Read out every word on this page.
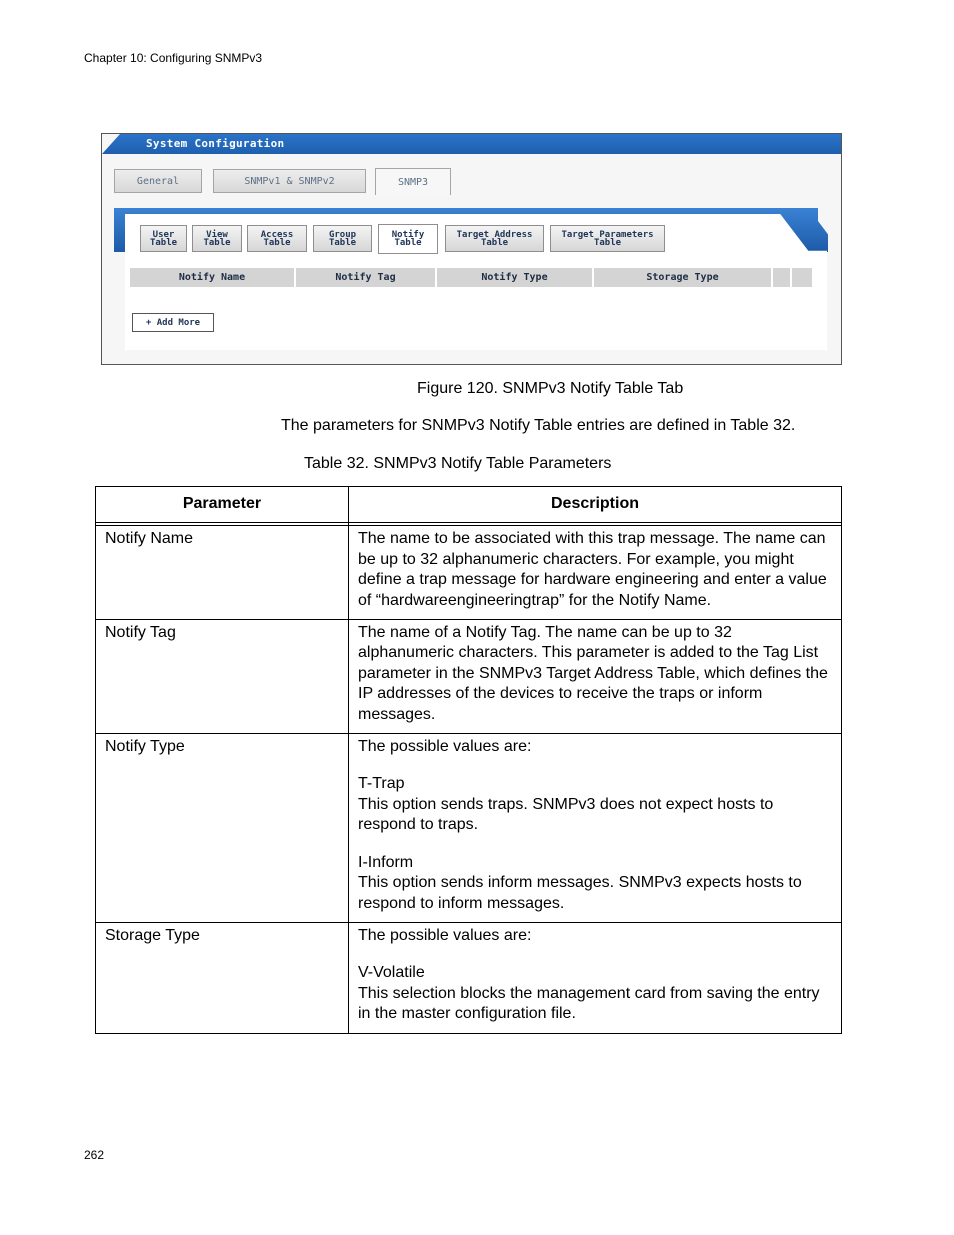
Chapter 10: Configuring SNMPv3
System Configuration
General	SNMPv1 & SNMPv2	SNMP3
User
Table
View
Table
Access
Table
Group
Table
Notify
Table
Target Address
Table
Target Parameters
Table
Notify Name	Notify Tag	Notify Type	Storage Type
+ Add More
Figure 120. SNMPv3 Notify Table Tab
The parameters for SNMPv3 Notify Table entries are defined in Table 32.
Table 32. SNMPv3 Notify Table Parameters
Parameter	Description

Notify Name	The name to be associated with this trap message. The name can be up to 32 alphanumeric characters. For example, you might define a trap message for hardware engineering and enter a value of “hardwareengineeringtrap” for the Notify Name.

Notify Tag	The name of a Notify Tag. The name can be up to 32 alphanumeric characters. This parameter is added to the Tag List parameter in the SNMPv3 Target Address Table, which defines the IP addresses of the devices to receive the traps or inform messages.

Notify Type	The possible values are:

T-Trap
This option sends traps. SNMPv3 does not expect hosts to respond to traps.

I-Inform
This option sends inform messages. SNMPv3 expects hosts to respond to inform messages.

Storage Type	The possible values are:

V-Volatile
This selection blocks the management card from saving the entry in the master configuration file.

262
